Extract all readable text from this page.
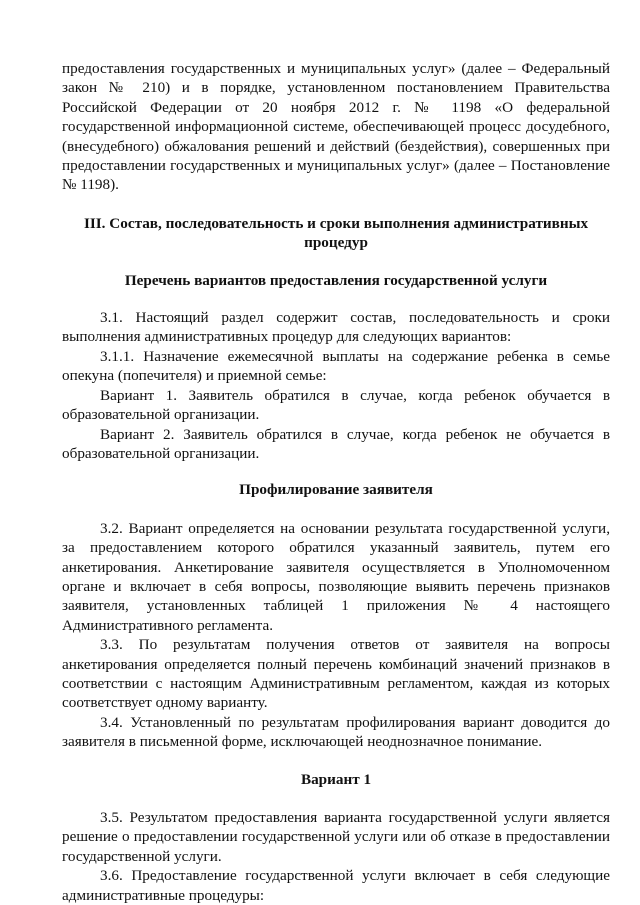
предоставления государственных и муниципальных услуг» (далее – Федеральный закон № 210) и в порядке, установленном постановлением Правительства Российской Федерации от 20 ноября 2012 г. № 1198 «О федеральной государственной информационной системе, обеспечивающей процесс досудебного, (внесудебного) обжалования решений и действий (бездействия), совершенных при предоставлении государственных и муниципальных услуг» (далее – Постановление № 1198).

III. Состав, последовательность и сроки выполнения административных процедур
Перечень вариантов предоставления государственной услуги

3.1. Настоящий раздел содержит состав, последовательность и сроки выполнения административных процедур для следующих вариантов:

3.1.1. Назначение ежемесячной выплаты на содержание ребенка в семье опекуна (попечителя) и приемной семье:

Вариант 1. Заявитель обратился в случае, когда ребенок обучается в образовательной организации.

Вариант 2. Заявитель обратился в случае, когда ребенок не обучается в образовательной организации.

Профилирование заявителя

3.2. Вариант определяется на основании результата государственной услуги, за предоставлением которого обратился указанный заявитель, путем его анкетирования. Анкетирование заявителя осуществляется в Уполномоченном органе и включает в себя вопросы, позволяющие выявить перечень признаков заявителя, установленных таблицей 1 приложения № 4 настоящего Административного регламента.

3.3. По результатам получения ответов от заявителя на вопросы анкетирования определяется полный перечень комбинаций значений признаков в соответствии с настоящим Административным регламентом, каждая из которых соответствует одному варианту.

3.4. Установленный по результатам профилирования вариант доводится до заявителя в письменной форме, исключающей неоднозначное понимание.

Вариант 1

3.5. Результатом предоставления варианта государственной услуги является решение о предоставлении государственной услуги или об отказе в предоставлении государственной услуги.

3.6. Предоставление государственной услуги включает в себя следующие административные процедуры:
